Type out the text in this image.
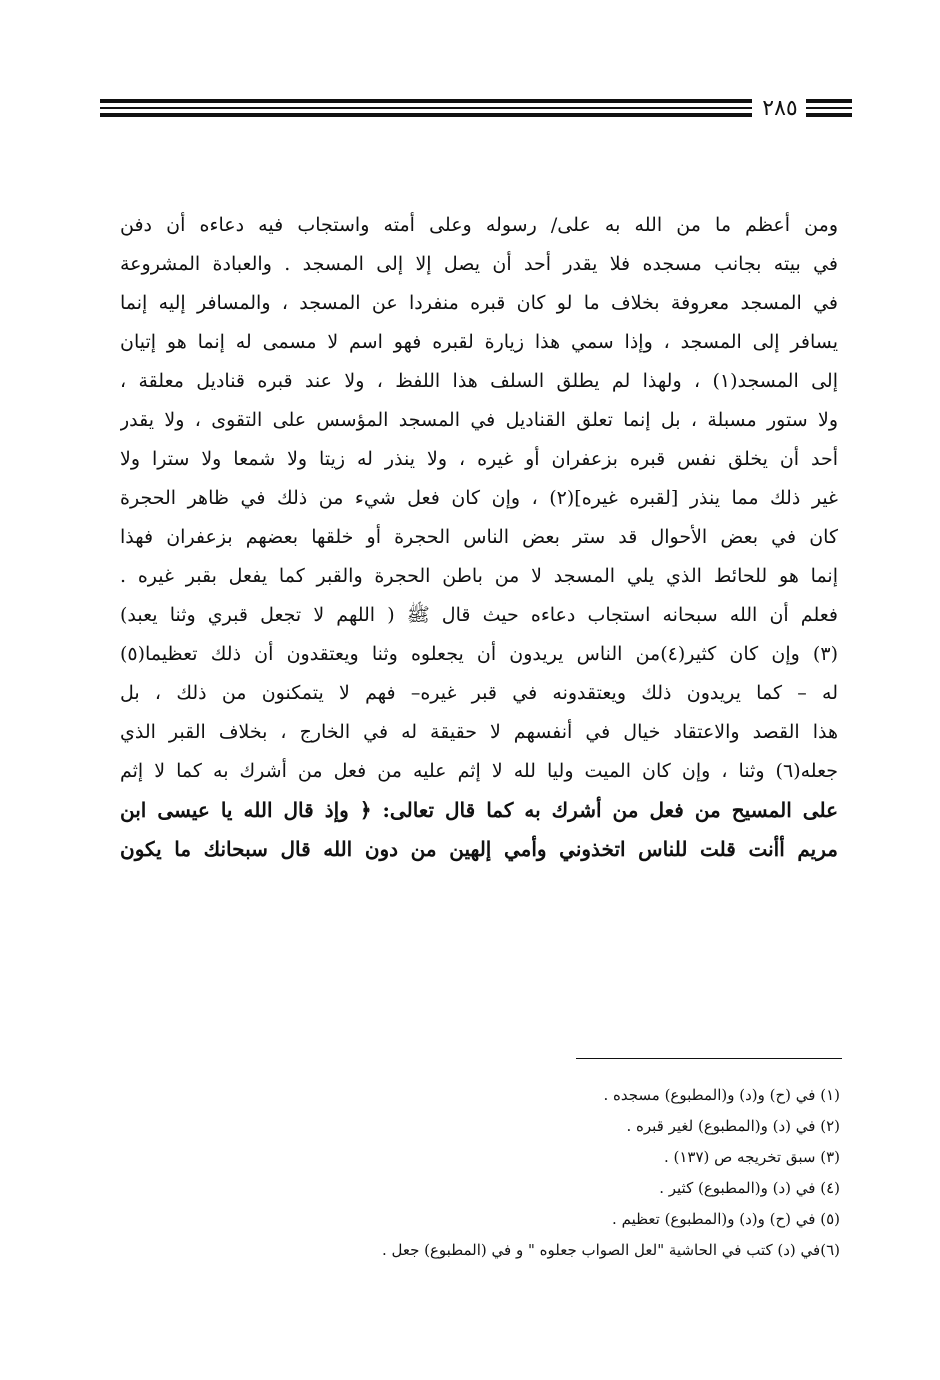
٢٨٥
ومن أعظم ما من الله به على/ رسوله وعلى أمته واستجاب فيه دعاءه أن دفن
في بيته بجانب مسجده فلا يقدر أحد أن يصل إلا إلى المسجد . والعبادة المشروعة
في المسجد معروفة بخلاف ما لو كان قبره منفردا عن المسجد ، والمسافر إليه إنما
يسافر إلى المسجد ، وإذا سمي هذا زيارة لقبره فهو اسم لا مسمى له إنما هو إتيان
إلى المسجد(١) ، ولهذا لم يطلق السلف هذا اللفظ ، ولا عند قبره قناديل معلقة ،
ولا ستور مسبلة ، بل إنما تعلق القناديل في المسجد المؤسس على التقوى ، ولا يقدر
أحد أن يخلق نفس قبره بزعفران أو غيره ، ولا ينذر له زيتا ولا شمعا ولا سترا ولا
غير ذلك مما ينذر [لقبره غيره](٢) ، وإن كان فعل شيء من ذلك في ظاهر الحجرة
كان في بعض الأحوال قد ستر بعض الناس الحجرة أو خلقها بعضهم بزعفران فهذا
إنما هو للحائط الذي يلي المسجد لا من باطن الحجرة والقبر كما يفعل بقبر غيره .
فعلم أن الله سبحانه استجاب دعاءه حيث قال ﷺ ( اللهم لا تجعل قبري وثنا يعبد)
(٣) وإن كان كثير(٤)من الناس يريدون أن يجعلوه وثنا ويعتقدون أن ذلك تعظيما(٥)
له – كما يريدون ذلك ويعتقدونه في قبر غيره– فهم لا يتمكنون من ذلك ، بل
هذا القصد والاعتقاد خيال في أنفسهم لا حقيقة له في الخارج ، بخلاف القبر الذي
جعله(٦) وثنا ، وإن كان الميت وليا لله لا إثم عليه من فعل من أشرك به كما لا إثم
على المسيح من فعل من أشرك به كما قال تعالى: ﴿ وإذ قال الله يا عيسى ابن
مريم أأنت قلت للناس اتخذوني وأمي إلهين من دون الله قال سبحانك ما يكون
(١) في (ح) و(د) و(المطبوع) مسجده .
(٢) في (د) و(المطبوع) لغير قبره .
(٣) سبق تخريجه ص (١٣٧) .
(٤) في (د) و(المطبوع) كثير .
(٥) في (ح) و(د) و(المطبوع) تعظيم .
(٦)في (د) كتب في الحاشية "لعل الصواب جعلوه " و في (المطبوع) جعل .
